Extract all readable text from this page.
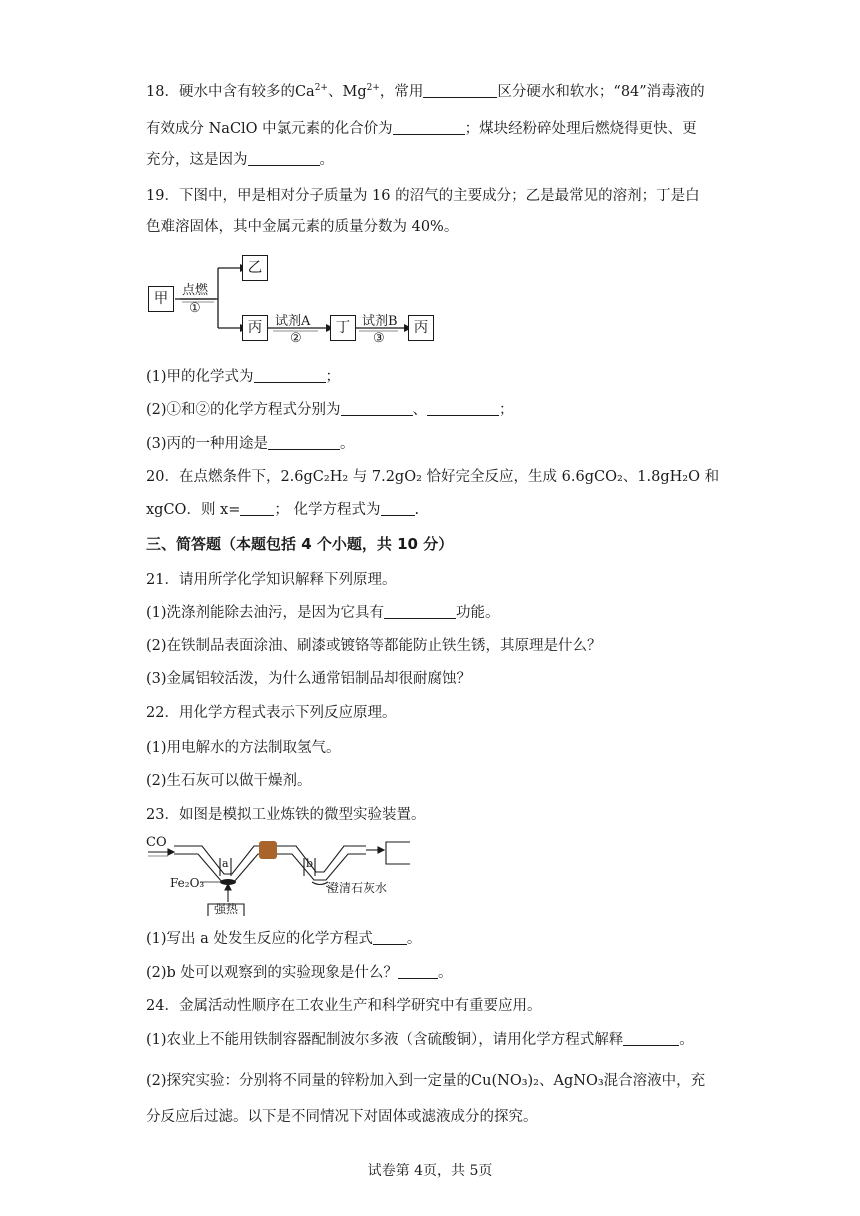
18．硬水中含有较多的$Ca^{2+}$、$Mg^{2+}$，常用	区分硬水和软水；“84”消毒液的
有效成分 NaClO 中氯元素的化合价为	；煤块经粉碎处理后燃烧得更快、更
充分，这是因为	。
19．下图中，甲是相对分子质量为 16 的沼气的主要成分；乙是最常见的溶剂；丁是白
色难溶固体，其中金属元素的质量分数为 40%。
甲
乙
丙	丁	丙
点燃
①
试剂A
②
试剂B
③
(1)甲的化学式为	；
(2)①和②的化学方程式分别为	、	；
(3)丙的一种用途是	。
20．在点燃条件下，2.6gC₂H₂ 与 7.2gO₂ 恰好完全反应，生成 6.6gCO₂、1.8gH₂O 和
xgCO．则 x= ； 化学方程式为 .
三、简答题（本题包括 4 个小题，共 10 分）
21．请用所学化学知识解释下列原理。
(1)洗涤剂能除去油污，是因为它具有	功能。
(2)在铁制品表面涂油、刷漆或镀铬等都能防止铁生锈，其原理是什么？
(3)金属铝较活泼，为什么通常铝制品却很耐腐蚀？
22．用化学方程式表示下列反应原理。
(1)用电解水的方法制取氢气。
(2)生石灰可以做干燥剂。
23．如图是模拟工业炼铁的微型实验装置。
CO
a	b
Fe₂O₃	澄清石灰水
强热
(1)写出 a 处发生反应的化学方程式 。
(2)b 处可以观察到的实验现象是什么？	。
24．金属活动性顺序在工农业生产和科学研究中有重要应用。
(1)农业上不能用铁制容器配制波尔多液（含硫酸铜），请用化学方程式解释	。
(2)探究实验：分别将不同量的锌粉加入到一定量的Cu(NO₃)₂、AgNO₃混合溶液中，充
分反应后过滤。以下是不同情况下对固体或滤液成分的探究。
试卷第 4页，共 5页
